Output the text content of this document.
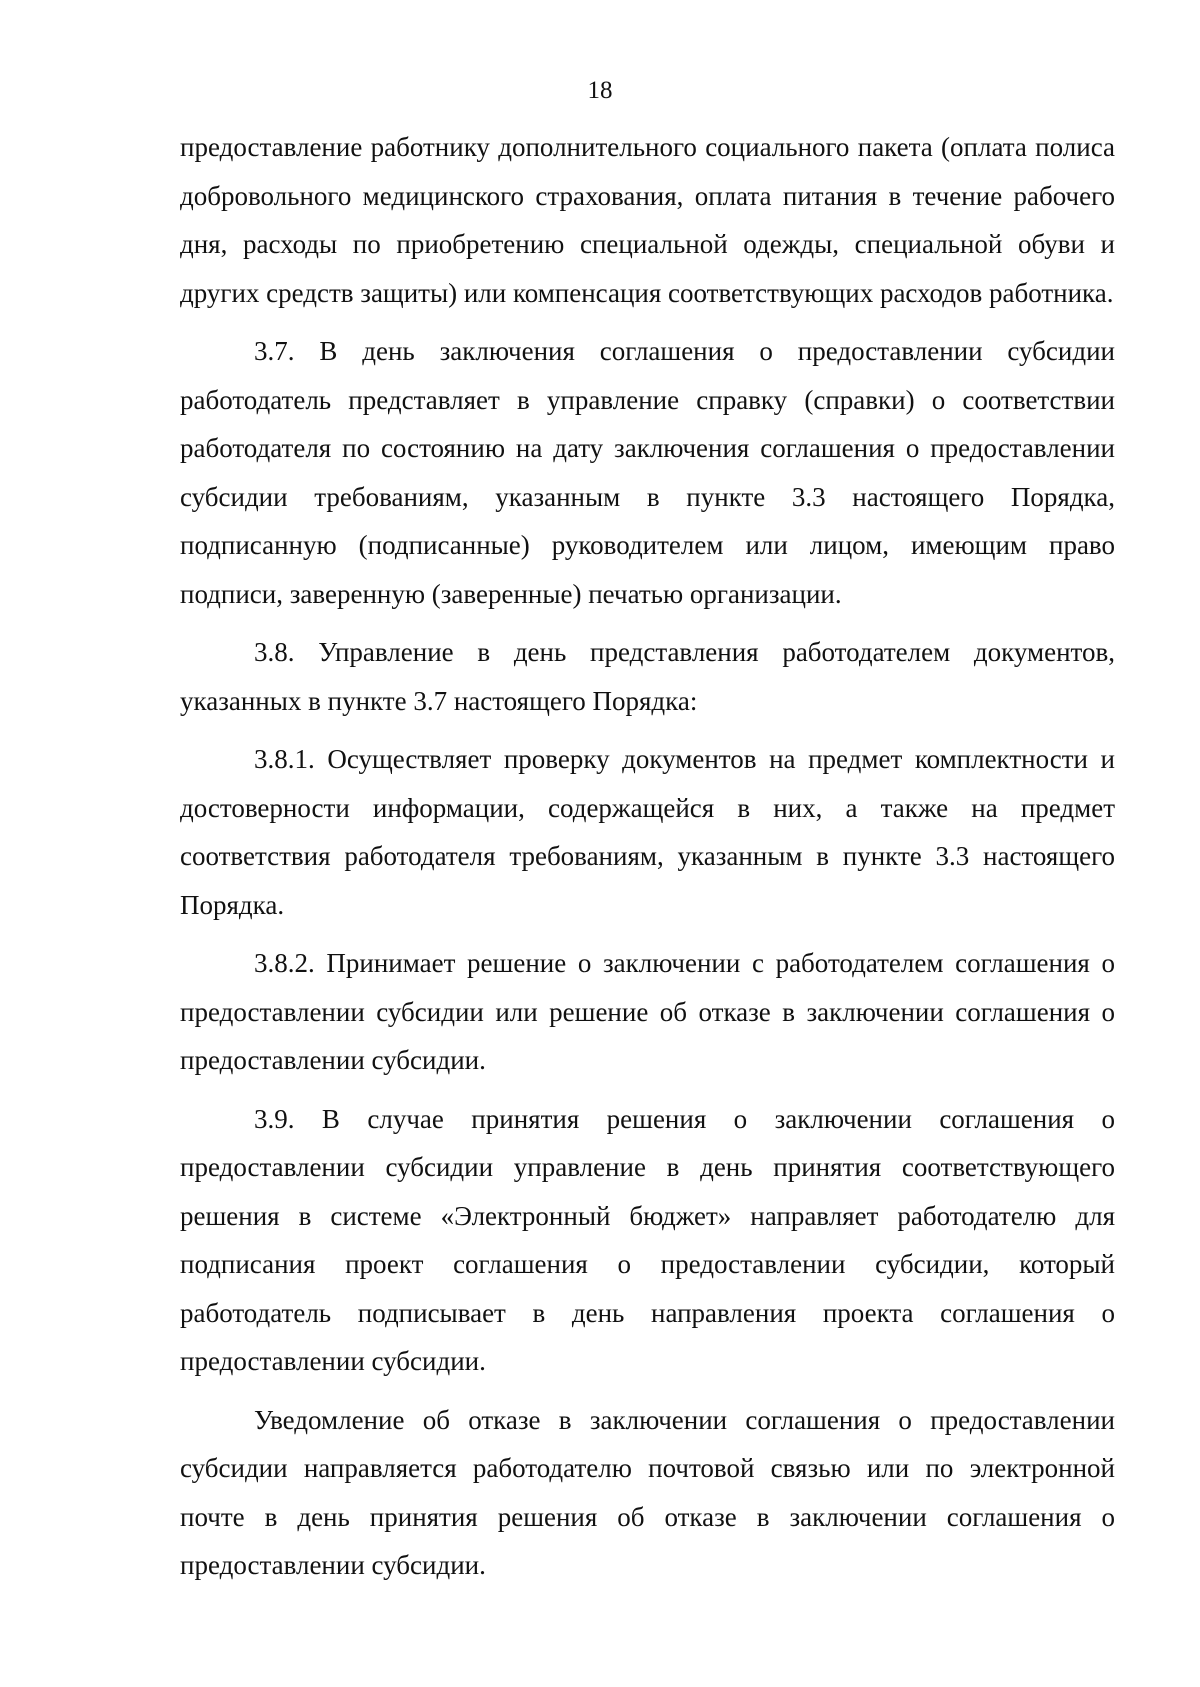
18

предоставление работнику дополнительного социального пакета (оплата полиса добровольного медицинского страхования, оплата питания в течение рабочего дня, расходы по приобретению специальной одежды, специальной обуви и других средств защиты) или компенсация соответствующих расходов работника.

3.7. В день заключения соглашения о предоставлении субсидии работодатель представляет в управление справку (справки) о соответствии работодателя по состоянию на дату заключения соглашения о предоставлении субсидии требованиям, указанным в пункте 3.3 настоящего Порядка, подписанную (подписанные) руководителем или лицом, имеющим право подписи, заверенную (заверенные) печатью организации.

3.8. Управление в день представления работодателем документов, указанных в пункте 3.7 настоящего Порядка:

3.8.1. Осуществляет проверку документов на предмет комплектности и достоверности информации, содержащейся в них, а также на предмет соответствия работодателя требованиям, указанным в пункте 3.3 настоящего Порядка.

3.8.2. Принимает решение о заключении с работодателем соглашения о предоставлении субсидии или решение об отказе в заключении соглашения о предоставлении субсидии.

3.9. В случае принятия решения о заключении соглашения о предоставлении субсидии управление в день принятия соответствующего решения в системе «Электронный бюджет» направляет работодателю для подписания проект соглашения о предоставлении субсидии, который работодатель подписывает в день направления проекта соглашения о предоставлении субсидии.

Уведомление об отказе в заключении соглашения о предоставлении субсидии направляется работодателю почтовой связью или по электронной почте в день принятия решения об отказе в заключении соглашения о предоставлении субсидии.
